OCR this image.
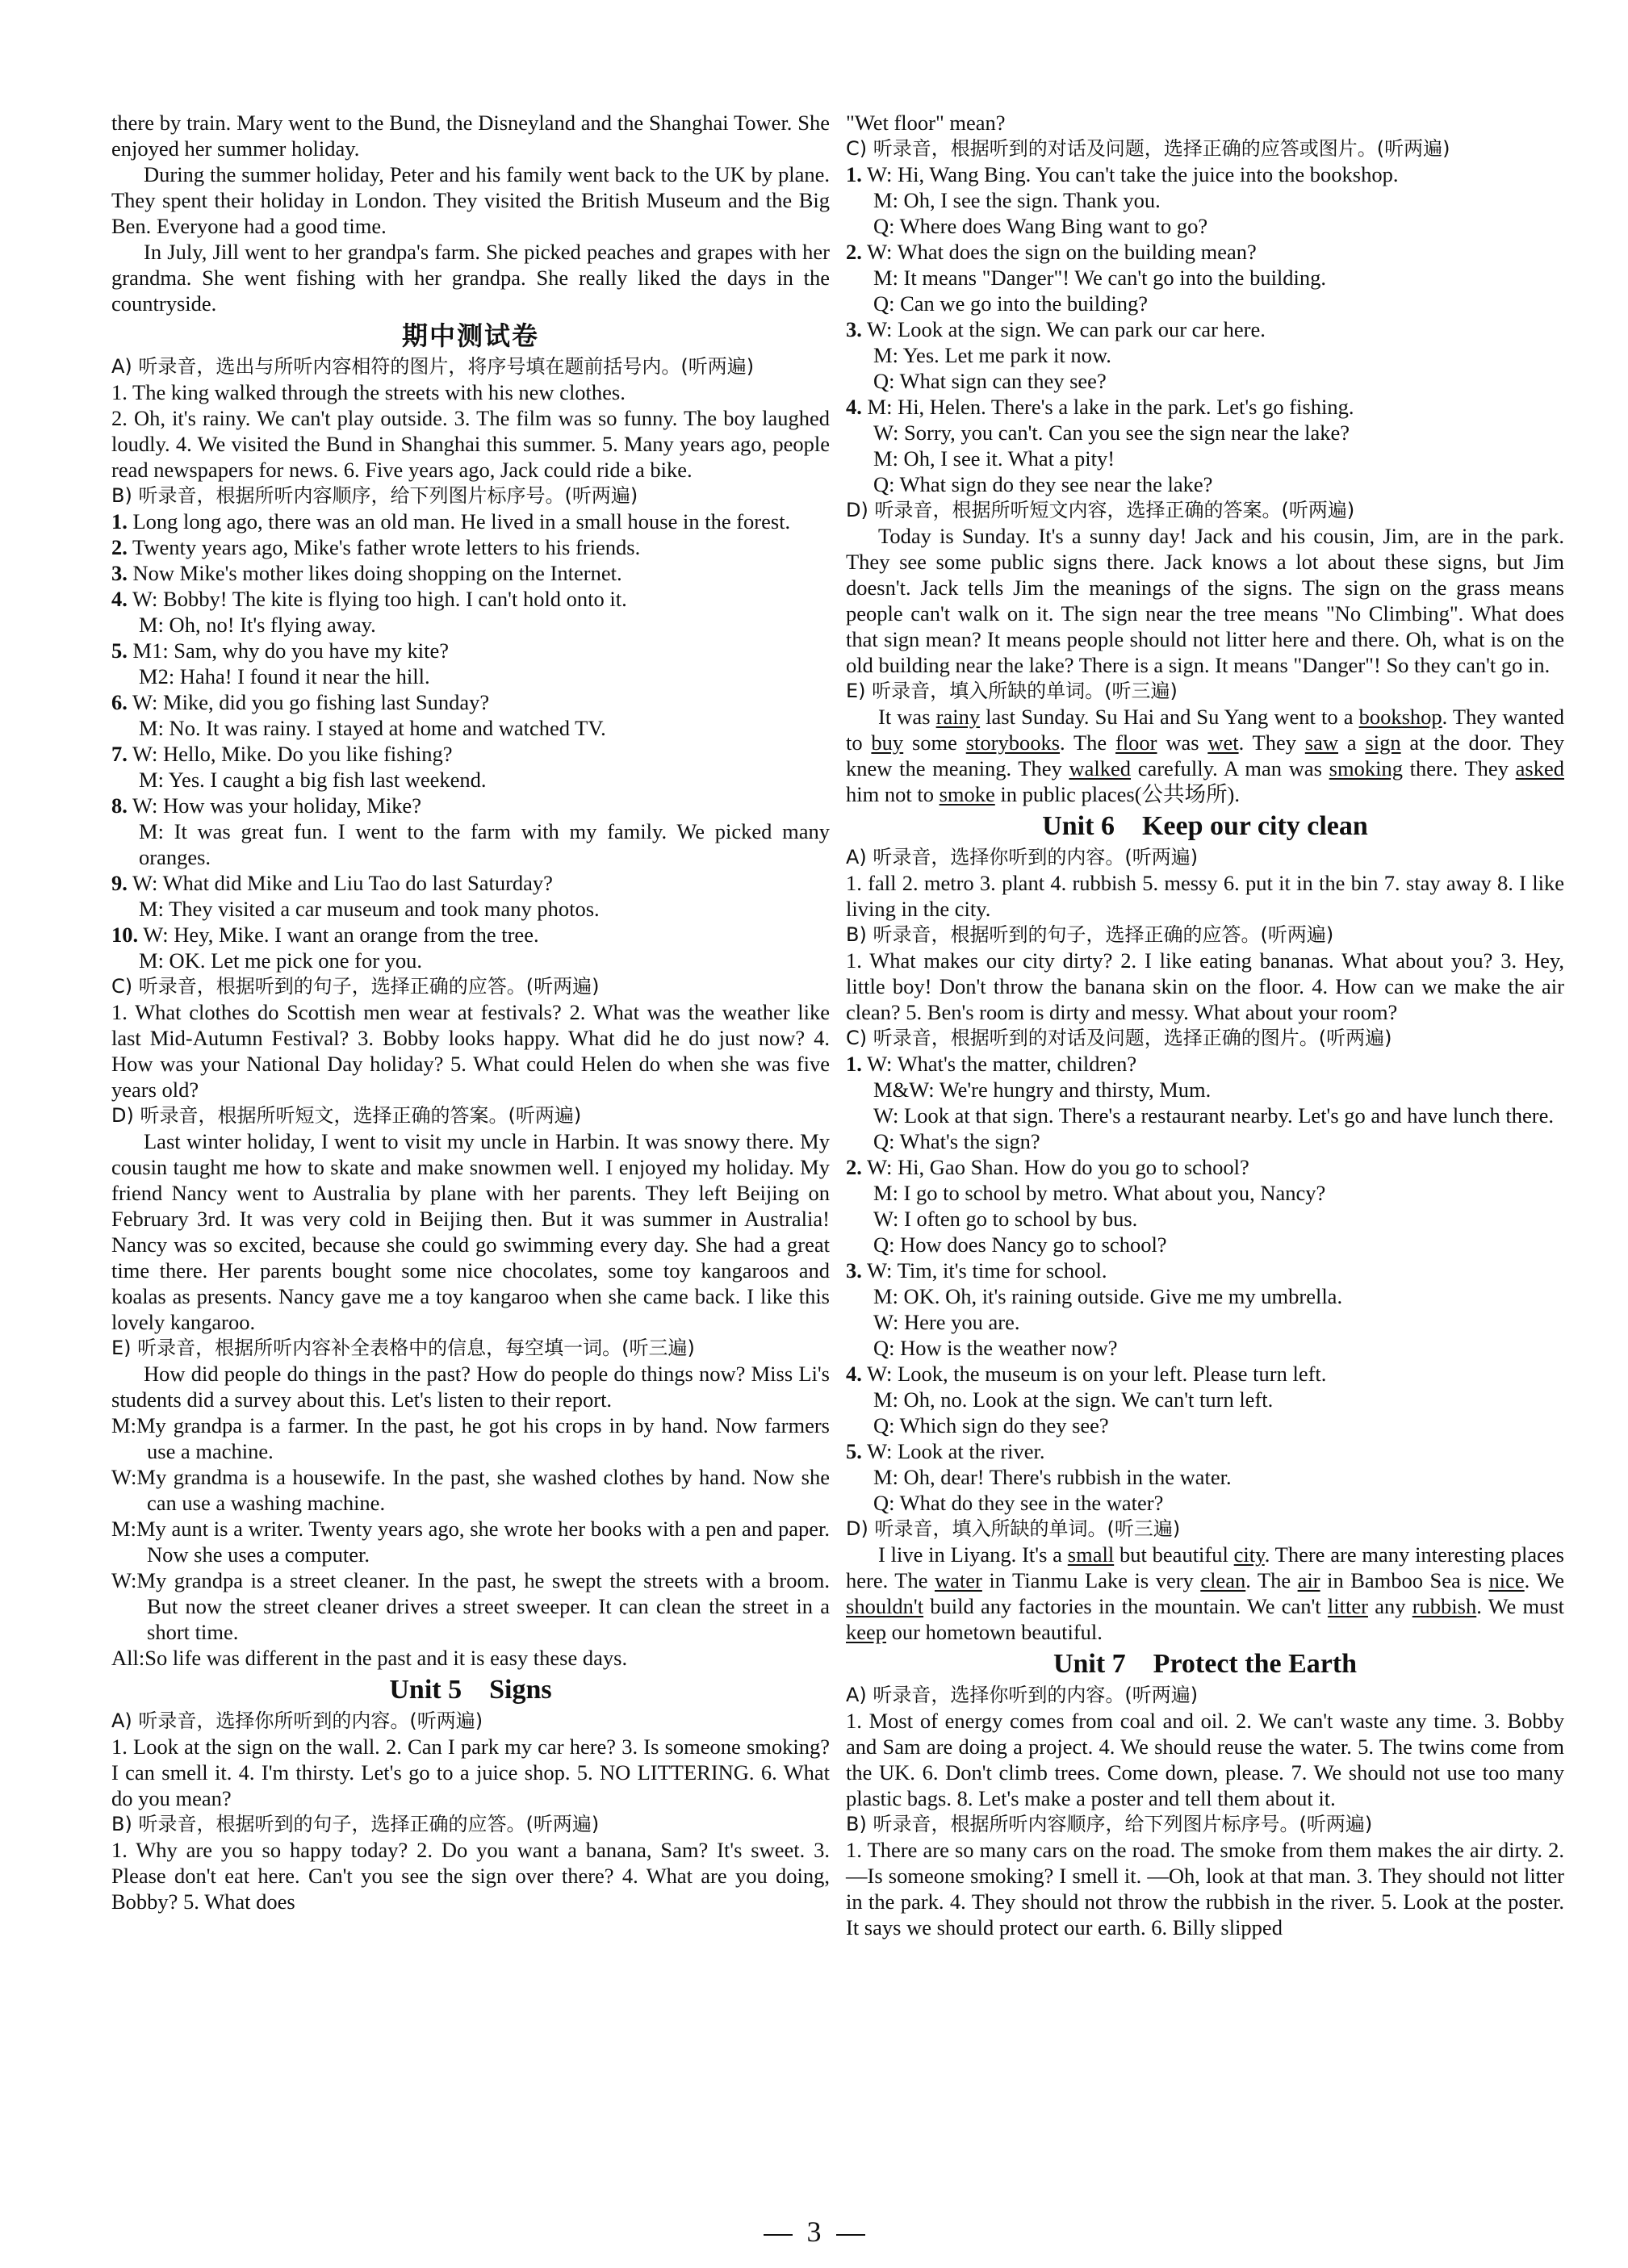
there by train. Mary went to the Bund, the Disneyland and the Shanghai Tower. She enjoyed her summer holiday.

During the summer holiday, Peter and his family went back to the UK by plane. They spent their holiday in London. They visited the British Museum and the Big Ben. Everyone had a good time.

In July, Jill went to her grandpa's farm. She picked peaches and grapes with her grandma. She went fishing with her grandpa. She really liked the days in the countryside.

期中测试卷

A) 听录音，选出与所听内容相符的图片，将序号填在题前括号内。(听两遍)

1. The king walked through the streets with his new clothes.

2. Oh, it's rainy. We can't play outside. 3. The film was so funny. The boy laughed loudly. 4. We visited the Bund in Shanghai this summer. 5. Many years ago, people read newspapers for news. 6. Five years ago, Jack could ride a bike.

B) 听录音，根据所听内容顺序，给下列图片标序号。(听两遍)

1. Long long ago, there was an old man. He lived in a small house in the forest.

2. Twenty years ago, Mike's father wrote letters to his friends.

3. Now Mike's mother likes doing shopping on the Internet.

4. W: Bobby! The kite is flying too high. I can't hold onto it.

M: Oh, no! It's flying away.

5. M1: Sam, why do you have my kite?

M2: Haha! I found it near the hill.

6. W: Mike, did you go fishing last Sunday?

M: No. It was rainy. I stayed at home and watched TV.

7. W: Hello, Mike. Do you like fishing?

M: Yes. I caught a big fish last weekend.

8. W: How was your holiday, Mike?

M: It was great fun. I went to the farm with my family. We picked many oranges.

9. W: What did Mike and Liu Tao do last Saturday?

M: They visited a car museum and took many photos.

10. W: Hey, Mike. I want an orange from the tree.

M: OK. Let me pick one for you.

C) 听录音，根据听到的句子，选择正确的应答。(听两遍)

1. What clothes do Scottish men wear at festivals? 2. What was the weather like last Mid-Autumn Festival? 3. Bobby looks happy. What did he do just now? 4. How was your National Day holiday? 5. What could Helen do when she was five years old?

D) 听录音，根据所听短文，选择正确的答案。(听两遍)

Last winter holiday, I went to visit my uncle in Harbin. It was snowy there. My cousin taught me how to skate and make snowmen well. I enjoyed my holiday. My friend Nancy went to Australia by plane with her parents. They left Beijing on February 3rd. It was very cold in Beijing then. But it was summer in Australia! Nancy was so excited, because she could go swimming every day. She had a great time there. Her parents bought some nice chocolates, some toy kangaroos and koalas as presents. Nancy gave me a toy kangaroo when she came back. I like this lovely kangaroo.

E) 听录音，根据所听内容补全表格中的信息，每空填一词。(听三遍)

How did people do things in the past? How do people do things now? Miss Li's students did a survey about this. Let's listen to their report.

M:My grandpa is a farmer. In the past, he got his crops in by hand. Now farmers use a machine.

W:My grandma is a housewife. In the past, she washed clothes by hand. Now she can use a washing machine.

M:My aunt is a writer. Twenty years ago, she wrote her books with a pen and paper. Now she uses a computer.

W:My grandpa is a street cleaner. In the past, he swept the streets with a broom. But now the street cleaner drives a street sweeper. It can clean the street in a short time.

All:So life was different in the past and it is easy these days.

Unit 5    Signs

A) 听录音，选择你所听到的内容。(听两遍)

1. Look at the sign on the wall. 2. Can I park my car here? 3. Is someone smoking? I can smell it. 4. I'm thirsty. Let's go to a juice shop. 5. NO LITTERING. 6. What do you mean?

B) 听录音，根据听到的句子，选择正确的应答。(听两遍)

1. Why are you so happy today? 2. Do you want a banana, Sam? It's sweet. 3. Please don't eat here. Can't you see the sign over there? 4. What are you doing, Bobby? 5. What does

"Wet floor" mean?

C) 听录音，根据听到的对话及问题，选择正确的应答或图片。(听两遍)

1. W: Hi, Wang Bing. You can't take the juice into the bookshop.

M: Oh, I see the sign. Thank you.

Q: Where does Wang Bing want to go?

2. W: What does the sign on the building mean?

M: It means "Danger"! We can't go into the building.

Q: Can we go into the building?

3. W: Look at the sign. We can park our car here.

M: Yes. Let me park it now.

Q: What sign can they see?

4. M: Hi, Helen. There's a lake in the park. Let's go fishing.

W: Sorry, you can't. Can you see the sign near the lake?

M: Oh, I see it. What a pity!

Q: What sign do they see near the lake?

D) 听录音，根据所听短文内容，选择正确的答案。(听两遍)

Today is Sunday. It's a sunny day! Jack and his cousin, Jim, are in the park. They see some public signs there. Jack knows a lot about these signs, but Jim doesn't. Jack tells Jim the meanings of the signs. The sign on the grass means people can't walk on it. The sign near the tree means "No Climbing". What does that sign mean? It means people should not litter here and there. Oh, what is on the old building near the lake? There is a sign. It means "Danger"! So they can't go in.

E) 听录音，填入所缺的单词。(听三遍)

It was rainy last Sunday. Su Hai and Su Yang went to a bookshop. They wanted to buy some storybooks. The floor was wet. They saw a sign at the door. They knew the meaning. They walked carefully. A man was smoking there. They asked him not to smoke in public places(公共场所).

Unit 6    Keep our city clean

A) 听录音，选择你听到的内容。(听两遍)

1. fall 2. metro 3. plant 4. rubbish 5. messy 6. put it in the bin 7. stay away 8. I like living in the city.

B) 听录音，根据听到的句子，选择正确的应答。(听两遍)

1. What makes our city dirty? 2. I like eating bananas. What about you? 3. Hey, little boy! Don't throw the banana skin on the floor. 4. How can we make the air clean? 5. Ben's room is dirty and messy. What about your room?

C) 听录音，根据听到的对话及问题，选择正确的图片。(听两遍)

1. W: What's the matter, children?

M&W: We're hungry and thirsty, Mum.

W: Look at that sign. There's a restaurant nearby. Let's go and have lunch there.

Q: What's the sign?

2. W: Hi, Gao Shan. How do you go to school?

M: I go to school by metro. What about you, Nancy?

W: I often go to school by bus.

Q: How does Nancy go to school?

3. W: Tim, it's time for school.

M: OK. Oh, it's raining outside. Give me my umbrella.

W: Here you are.

Q: How is the weather now?

4. W: Look, the museum is on your left. Please turn left.

M: Oh, no. Look at the sign. We can't turn left.

Q: Which sign do they see?

5. W: Look at the river.

M: Oh, dear! There's rubbish in the water.

Q: What do they see in the water?

D) 听录音，填入所缺的单词。(听三遍)

I live in Liyang. It's a small but beautiful city. There are many interesting places here. The water in Tianmu Lake is very clean. The air in Bamboo Sea is nice. We shouldn't build any factories in the mountain. We can't litter any rubbish. We must keep our hometown beautiful.

Unit 7    Protect the Earth

A) 听录音，选择你听到的内容。(听两遍)

1. Most of energy comes from coal and oil. 2. We can't waste any time. 3. Bobby and Sam are doing a project. 4. We should reuse the water. 5. The twins come from the UK. 6. Don't climb trees. Come down, please. 7. We should not use too many plastic bags. 8. Let's make a poster and tell them about it.

B) 听录音，根据所听内容顺序，给下列图片标序号。(听两遍)

1. There are so many cars on the road. The smoke from them makes the air dirty. 2. —Is someone smoking? I smell it. —Oh, look at that man. 3. They should not litter in the park. 4. They should not throw the rubbish in the river. 5. Look at the poster. It says we should protect our earth. 6. Billy slipped

3
